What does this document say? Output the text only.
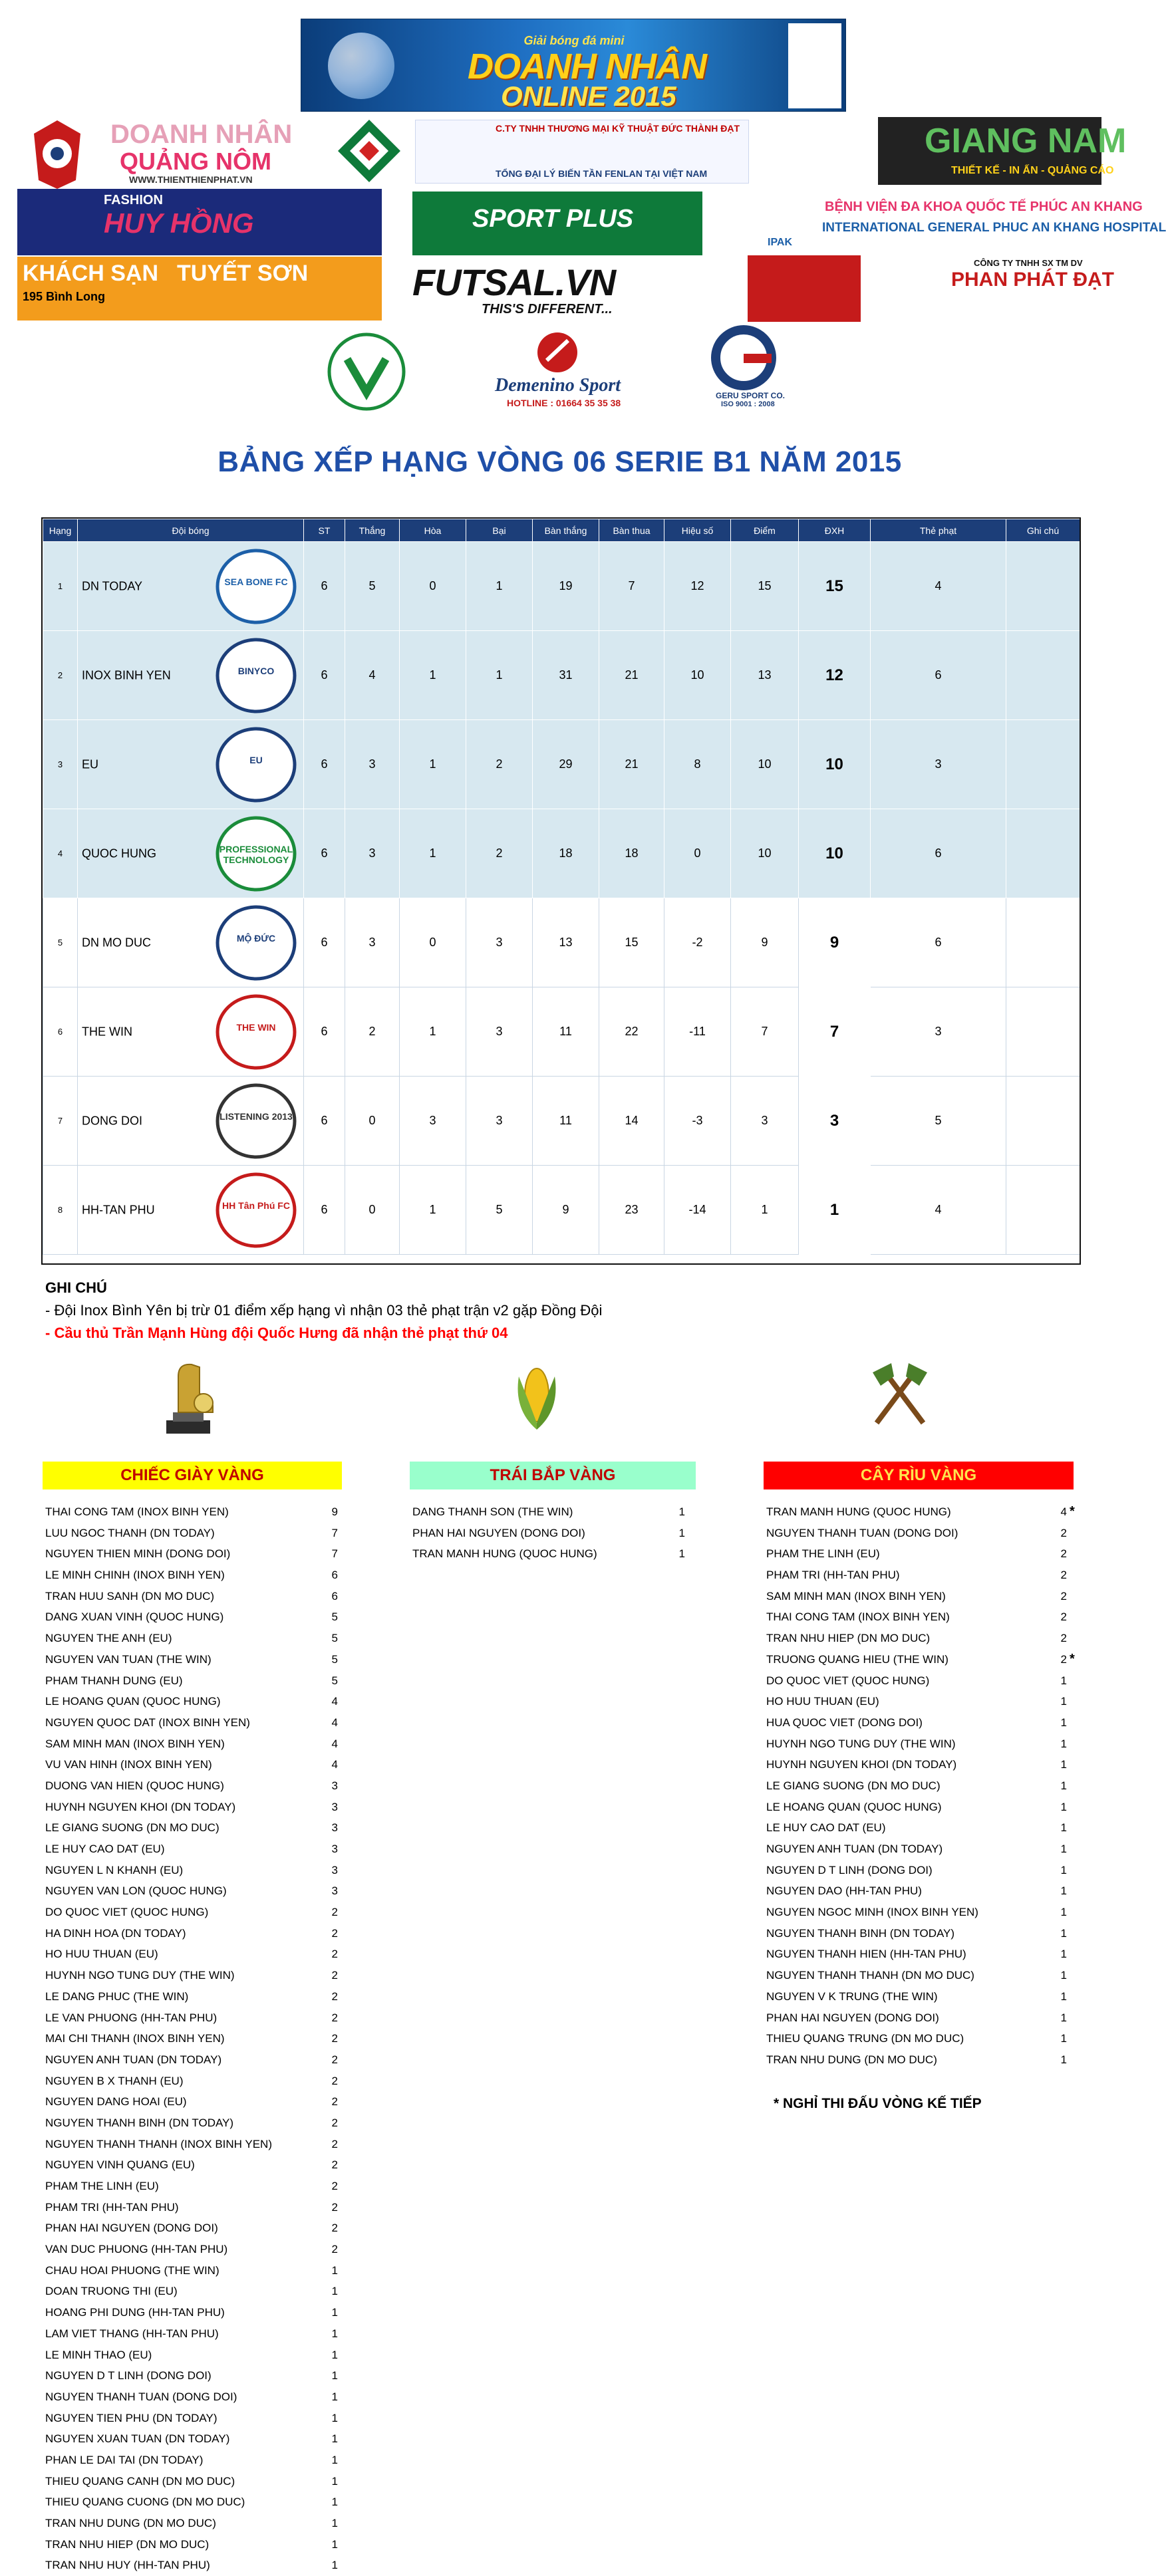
Giải bóng đá mini
DOANH NHÂN
ONLINE 2015
DOANH NHÂN
QUẢNG NÔM
WWW.THIENTHIENPHAT.VN
C.TY TNHH THƯƠNG MẠI KỸ THUẬT ĐỨC THÀNH ĐẠT
TỔNG ĐẠI LÝ BIẾN TẦN FENLAN TẠI VIỆT NAM
GIANG NAM
THIẾT KẾ - IN ẤN - QUẢNG CÁO
FASHION
HUY HỒNG	SPORT PLUS	BỆNH VIỆN ĐA KHOA QUỐC TẾ PHÚC AN KHANG
INTERNATIONAL GENERAL PHUC AN KHANG HOSPITAL
IPAK
KHÁCH SẠN TUYẾT SƠN
195 Bình Long	FUTSAL.VN
THIS'S DIFFERENT...
CÔNG TY TNHH SX TM DV
PHAN PHÁT ĐẠT
Demenino Sport
HOTLINE : 01664 35 35 38
GERU SPORT CO.
ISO 9001 : 2008
BẢNG XẾP HẠNG VÒNG 06 SERIE B1 NĂM 2015
Hạng	Đội bóng	ST	Thắng	Hòa	Bại	Bàn thắng	Bàn thua	Hiệu số	Điểm	ĐXH	Thẻ phạt	Ghi chú
1	DN TODAY SEA BONE FC	6	5	0	1	19	7	12	15	15	4	
2	INOX BINH YEN BINYCO	6	4	1	1	31	21	10	13	12	6	
3	EU EU	6	3	1	2	29	21	8	10	10	3	
4	QUOC HUNG PROFESSIONAL TECHNOLOGY	6	3	1	2	18	18	0	10	10	6	
5	DN MO DUC MỘ ĐỨC	6	3	0	3	13	15	-2	9	9	6	
6	THE WIN THE WIN	6	2	1	3	11	22	-11	7	7	3	
7	DONG DOI LISTENING 2013	6	0	3	3	11	14	-3	3	3	5	
8	HH-TAN PHU HH Tân Phú FC	6	0	1	5	9	23	-14	1	1	4	
GHI CHÚ
- Đội Inox Bình Yên bị trừ 01 điểm xếp hạng vì nhận 03 thẻ phạt trận v2 gặp Đồng Đội
- Cầu thủ Trần Mạnh Hùng đội Quốc Hưng đã nhận thẻ phạt thứ 04
CHIẾC GIÀY VÀNG	TRÁI BẮP VÀNG	CÂY RÌU VÀNG
THAI CONG TAM (INOX BINH YEN)	9
LUU NGOC THANH (DN TODAY)	7
NGUYEN THIEN MINH (DONG DOI)	7
LE MINH CHINH (INOX BINH YEN)	6
TRAN HUU SANH (DN MO DUC)	6
DANG XUAN VINH (QUOC HUNG)	5
NGUYEN THE ANH (EU)	5
NGUYEN VAN TUAN (THE WIN)	5
PHAM THANH DUNG (EU)	5
LE HOANG QUAN (QUOC HUNG)	4
NGUYEN QUOC DAT (INOX BINH YEN)	4
SAM MINH MAN (INOX BINH YEN)	4
VU VAN HINH (INOX BINH YEN)	4
DUONG VAN HIEN (QUOC HUNG)	3
HUYNH NGUYEN KHOI (DN TODAY)	3
LE GIANG SUONG (DN MO DUC)	3
LE HUY CAO DAT (EU)	3
NGUYEN L N KHANH (EU)	3
NGUYEN VAN LON (QUOC HUNG)	3
DO QUOC VIET (QUOC HUNG)	2
HA DINH HOA (DN TODAY)	2
HO HUU THUAN (EU)	2
HUYNH NGO TUNG DUY (THE WIN)	2
LE DANG PHUC (THE WIN)	2
LE VAN PHUONG (HH-TAN PHU)	2
MAI CHI THANH (INOX BINH YEN)	2
NGUYEN ANH TUAN (DN TODAY)	2
NGUYEN B X THANH (EU)	2
NGUYEN DANG HOAI (EU)	2
NGUYEN THANH BINH (DN TODAY)	2
NGUYEN THANH THANH (INOX BINH YEN)	2
NGUYEN VINH QUANG (EU)	2
PHAM THE LINH (EU)	2
PHAM TRI (HH-TAN PHU)	2
PHAN HAI NGUYEN (DONG DOI)	2
VAN DUC PHUONG (HH-TAN PHU)	2
CHAU HOAI PHUONG (THE WIN)	1
DOAN TRUONG THI (EU)	1
HOANG PHI DUNG (HH-TAN PHU)	1
LAM VIET THANG (HH-TAN PHU)	1
LE MINH THAO (EU)	1
NGUYEN D T LINH (DONG DOI)	1
NGUYEN THANH TUAN (DONG DOI)	1
NGUYEN TIEN PHU (DN TODAY)	1
NGUYEN XUAN TUAN (DN TODAY)	1
PHAN LE DAI TAI (DN TODAY)	1
THIEU QUANG CANH (DN MO DUC)	1
THIEU QUANG CUONG (DN MO DUC)	1
TRAN NHU DUNG (DN MO DUC)	1
TRAN NHU HIEP (DN MO DUC)	1
TRAN NHU HUY (HH-TAN PHU)	1
DANG THANH SON (THE WIN)	1
PHAN HAI NGUYEN (DONG DOI)	1
TRAN MANH HUNG (QUOC HUNG)	1
TRAN MANH HUNG (QUOC HUNG)	4 *
NGUYEN THANH TUAN (DONG DOI)	2
PHAM THE LINH (EU)	2
PHAM TRI (HH-TAN PHU)	2
SAM MINH MAN (INOX BINH YEN)	2
THAI CONG TAM (INOX BINH YEN)	2
TRAN NHU HIEP (DN MO DUC)	2
TRUONG QUANG HIEU (THE WIN)	2 *
DO QUOC VIET (QUOC HUNG)	1
HO HUU THUAN (EU)	1
HUA QUOC VIET (DONG DOI)	1
HUYNH NGO TUNG DUY (THE WIN)	1
HUYNH NGUYEN KHOI (DN TODAY)	1
LE GIANG SUONG (DN MO DUC)	1
LE HOANG QUAN (QUOC HUNG)	1
LE HUY CAO DAT (EU)	1
NGUYEN ANH TUAN (DN TODAY)	1
NGUYEN D T LINH (DONG DOI)	1
NGUYEN DAO (HH-TAN PHU)	1
NGUYEN NGOC MINH (INOX BINH YEN)	1
NGUYEN THANH BINH (DN TODAY)	1
NGUYEN THANH HIEN (HH-TAN PHU)	1
NGUYEN THANH THANH (DN MO DUC)	1
NGUYEN V K TRUNG (THE WIN)	1
PHAN HAI NGUYEN (DONG DOI)	1
THIEU QUANG TRUNG (DN MO DUC)	1
TRAN NHU DUNG (DN MO DUC)	1
* NGHỈ THI ĐẤU VÒNG KẾ TIẾP
